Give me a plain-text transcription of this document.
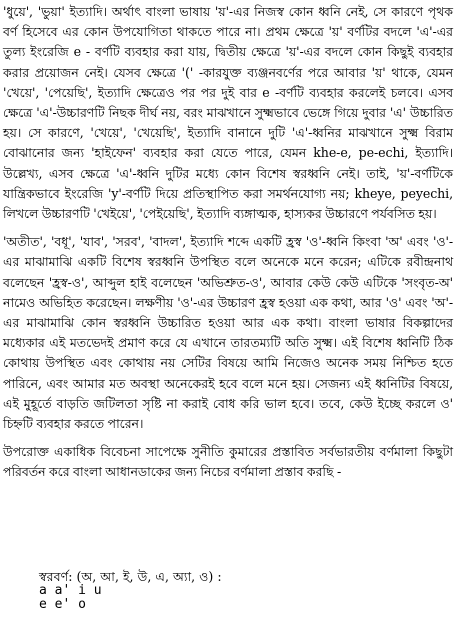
'ধুয়ে', 'ভুয়া' ইত্যাদি। অর্থাৎ বাংলা ভাষায় 'য়'-এর নিজস্ব কোন ধ্বনি নেই, সে কারণে পৃথক বর্ণ হিসেবে এর কোন উপযোগিতা থাকতে পারে না। প্রথম ক্ষেত্রে 'য়' বর্ণটির বদলে 'এ'-এর তুল্য ইংরেজি e - বর্ণটি ব্যবহার করা যায়, দ্বিতীয় ক্ষেত্রে 'য়'-এর বদলে কোন কিছুই ব্যবহার করার প্রয়োজন নেই। যেসব ক্ষেত্রে '(' -কারযুক্ত ব্যঞ্জনবর্ণের পরে আবার 'য়' থাকে, যেমন 'খেয়ে', 'পেয়েছি', ইত্যাদি ক্ষেত্রেও পর পর দুই বার e -বর্ণটি ব্যবহার করলেই চলবে। এসব ক্ষেত্রে 'এ'-উচ্চারণটি নিছক দীর্ঘ নয়, বরং মাঝখানে সুক্ষ্মভাবে ভেঙ্গে গিয়ে দুবার 'এ' উচ্চারিত হয়। সে কারণে, 'খেয়ে', 'খেয়েছি', ইত্যাদি বানানে দুটি 'এ'-ধ্বনির মাঝখানে সুক্ষ্ম বিরাম বোঝানোর জন্য 'হাইফেন' ব্যবহার করা যেতে পারে, যেমন khe-e, pe-echi, ইত্যাদি। উল্লেখ্য, এসব ক্ষেত্রে 'এ'-ধ্বনি দুটির মধ্যে কোন বিশেষ স্বরধ্বনি নেই। তাই, 'য়'-বর্ণটিকে যান্ত্রিকভাবে ইংরেজি 'y'-বর্ণটি দিয়ে প্রতিস্থাপিত করা সমর্থনযোগ্য নয়; kheye, peyechi, লিখলে উচ্চারণটি 'খেইয়ে', 'পেইয়েছি', ইত্যাদি ব্যঙ্গাত্মক, হাস্যকর উচ্চারণে পর্যবসিত হয়।

'অতীত', 'বধূ', 'যাব', 'সরব', 'বাদল', ইত্যাদি শব্দে একটি হ্রস্ব 'ও'-ধ্বনি কিংবা 'অ' এবং 'ও'-এর মাঝামাঝি একটি বিশেষ স্বরধ্বনি উপস্থিত বলে অনেকে মনে করেন; এটিকে রবীন্দ্রনাথ বলেছেন 'হ্রস্ব-ও', আব্দুল হাই বলেছেন 'অভিশ্রুত-ও', আবার কেউ কেউ এটিকে 'সংবৃত-অ' নামেও অভিহিত করেছেন। লক্ষণীয় 'ও'-এর উচ্চারণ হ্রস্ব হওয়া এক কথা, আর 'ও' এবং 'অ'-এর মাঝামাঝি কোন স্বরধ্বনি উচ্চারিত হওয়া আর এক কথা। বাংলা ভাষার বিকল্পাদের মধ্যেকার এই মতভেদই প্রমাণ করে যে এখানে তারতম্যটি অতি সুক্ষ্ম। এই বিশেষ ধ্বনিটি ঠিক কোথায় উপস্থিত এবং কোথায় নয় সেটির বিষয়ে আমি নিজেও অনেক সময় নিশ্চিত হতে পারিনে, এবং আমার মত অবস্থা অনেকেরই হবে বলে মনে হয়। সেজন্য এই ধ্বনিটির বিষয়ে, এই মুহূর্তে বাড়তি জটিলতা সৃষ্টি না করাই বোধ করি ভাল হবে। তবে, কেউ ইচ্ছে করলে ও' চিহ্নটি ব্যবহার করতে পারেন।

উপরোক্ত একাধিক বিবেচনা সাপেক্ষে সুনীতি কুমারের প্রস্তাবিত সর্বভারতীয় বর্ণমালা কিছুটা পরিবর্তন করে বাংলা আধানডাকের জন্য নিচের বর্ণমালা প্রস্তাব করছি -

স্বরবর্ণ: (অ, আ, ই, উ, এ, অ্যা, ও) :

a a' i u

e e' o
